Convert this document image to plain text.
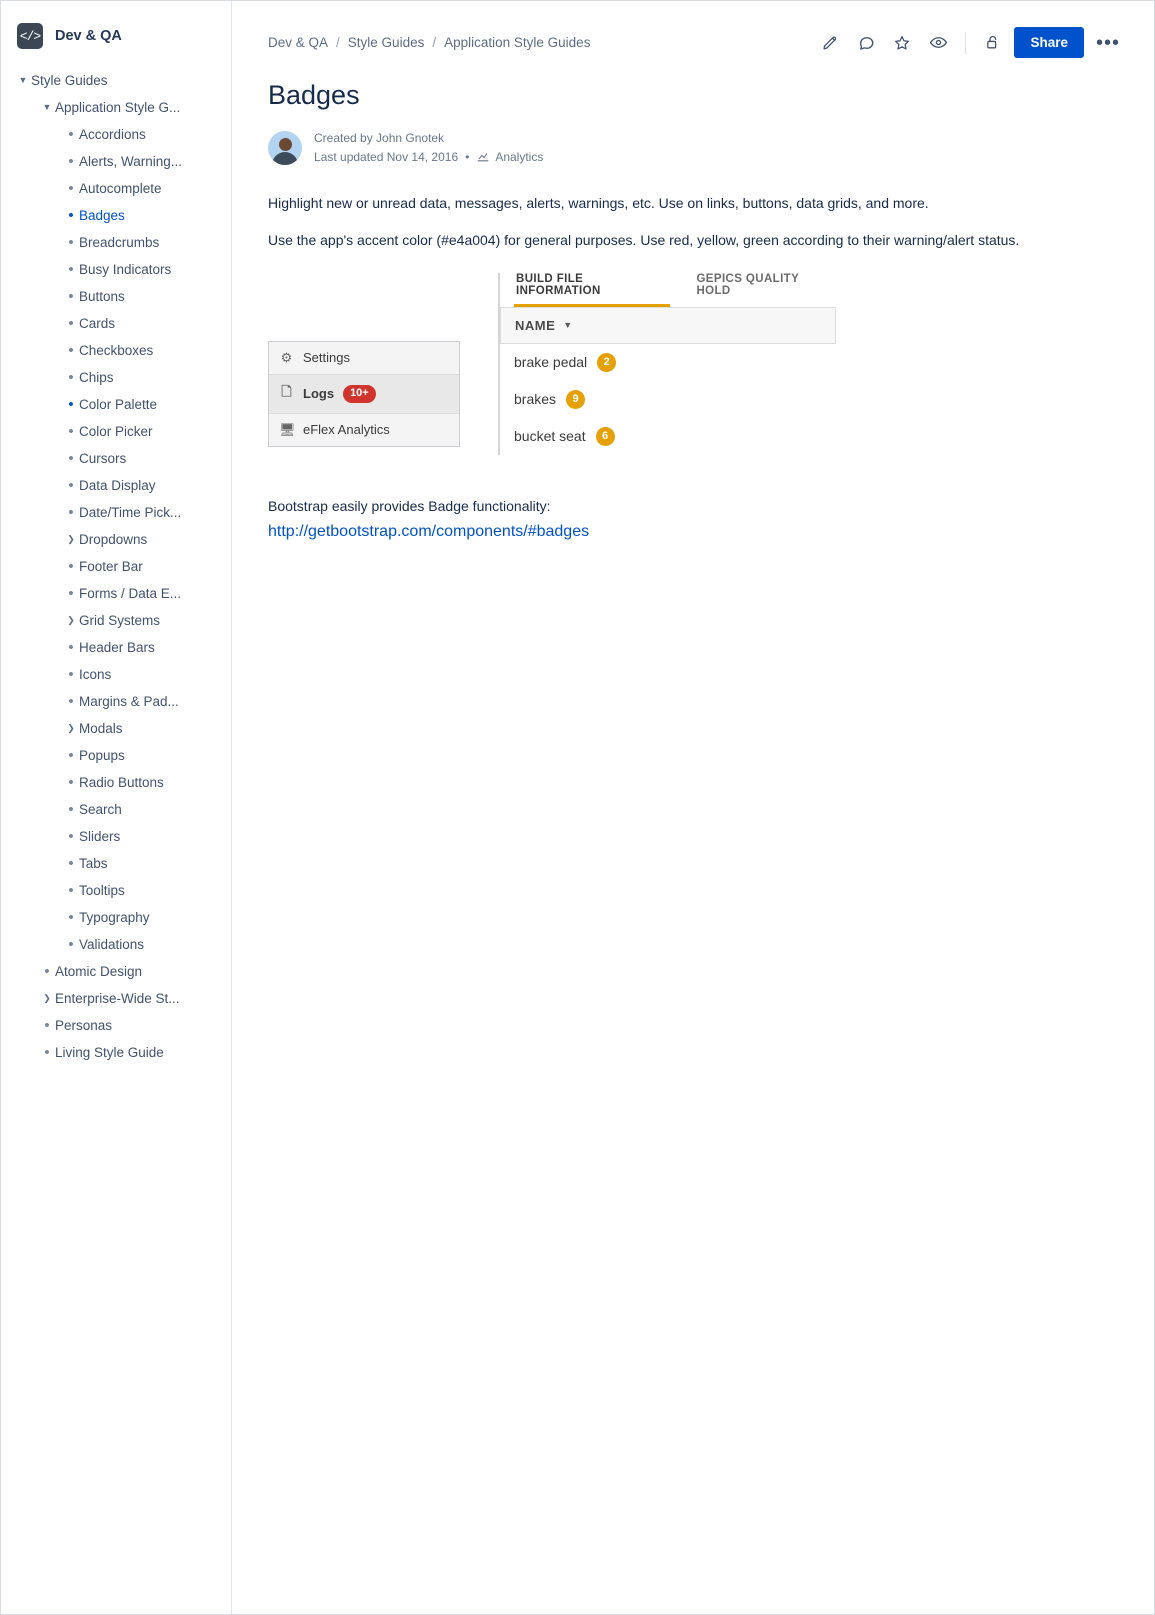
</> Dev & QA
▼ Style Guides
▼ Application Style G...
• Accordions
• Alerts, Warning...
• Autocomplete
• Badges
• Breadcrumbs
• Busy Indicators
• Buttons
• Cards
• Checkboxes
• Chips
• Color Palette
• Color Picker
• Cursors
• Data Display
• Date/Time Pick...
❯ Dropdowns
• Footer Bar
• Forms / Data E...
❯ Grid Systems
• Header Bars
• Icons
• Margins & Pad...
❯ Modals
• Popups
• Radio Buttons
• Search
• Sliders
• Tabs
• Tooltips
• Typography
• Validations
• Atomic Design
❯ Enterprise-Wide St...
• Personas
• Living Style Guide
Dev & QA / Style Guides / Application Style Guides	Share	•••
Badges
Created by John Gnotek
Last updated Nov 14, 2016 • Analytics

Highlight new or unread data, messages, alerts, warnings, etc. Use on links, buttons, data grids, and more.

Use the app's accent color (#e4a004) for general purposes. Use red, yellow, green according to their warning/alert status.

⚙ Settings
🗋 Logs	10+
🖥 eFlex Analytics
BUILD FILE INFORMATION
GEPICS QUALITY HOLD
NAME ▼
brake pedal	2
brakes	9
bucket seat	6

Bootstrap easily provides Badge functionality:

http://getbootstrap.com/components/#badges
